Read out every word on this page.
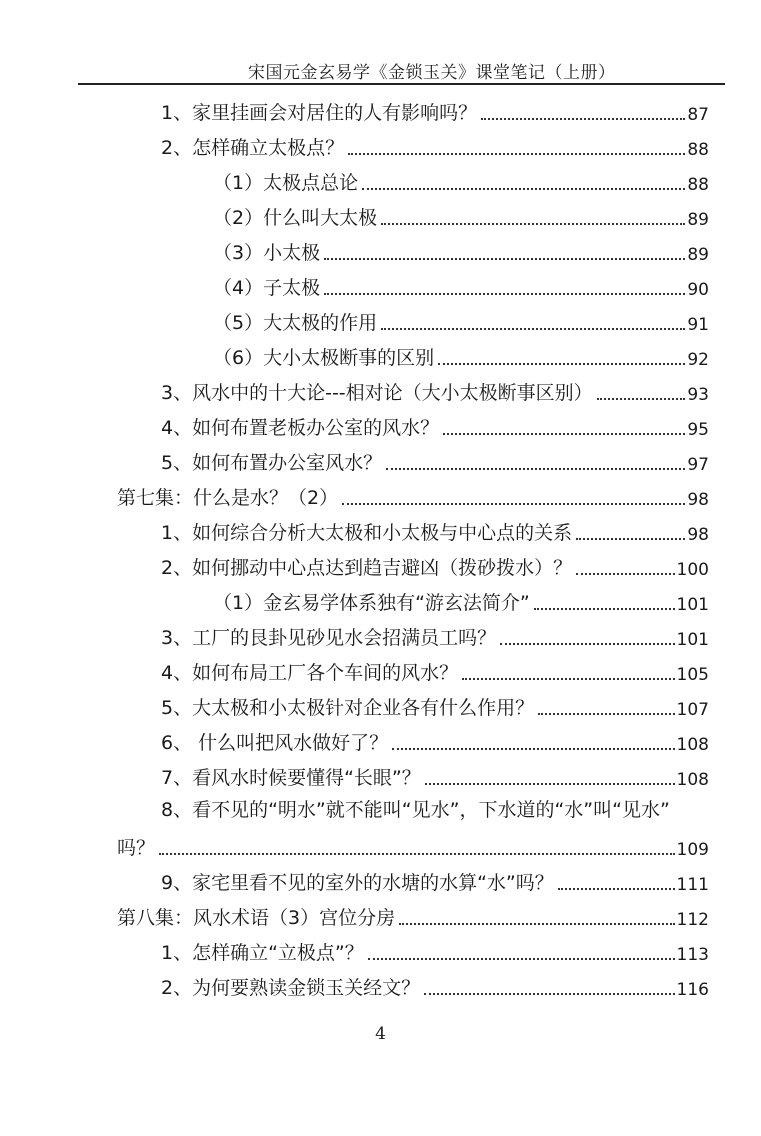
宋国元金玄易学《金锁玉关》课堂笔记（上册）
1、家里挂画会对居住的人有影响吗？	87
2、怎样确立太极点？	88
（1）太极点总论	88
（2）什么叫大太极	89
（3）小太极	89
（4）子太极	90
（5）大太极的作用	91
（6）大小太极断事的区别	92
3、风水中的十大论---相对论（大小太极断事区别）	93
4、如何布置老板办公室的风水？	95
5、如何布置办公室风水？	97
第七集：什么是水？（2）	98
1、如何综合分析大太极和小太极与中心点的关系	98
2、如何挪动中心点达到趋吉避凶（拨砂拨水）？	100
（1）金玄易学体系独有“游玄法简介”	101
3、工厂的艮卦见砂见水会招满员工吗？	101
4、如何布局工厂各个车间的风水？	105
5、大太极和小太极针对企业各有什么作用？	107
6、 什么叫把风水做好了？	108
7、看风水时候要懂得“长眼”？	108
8、看不见的“明水”就不能叫“见水”，下水道的“水”叫“见水”
吗？	109
9、家宅里看不见的室外的水塘的水算“水”吗？	111
第八集：风水术语（3）宫位分房	112
1、怎样确立“立极点”？	113
2、为何要熟读金锁玉关经文？	116
4
